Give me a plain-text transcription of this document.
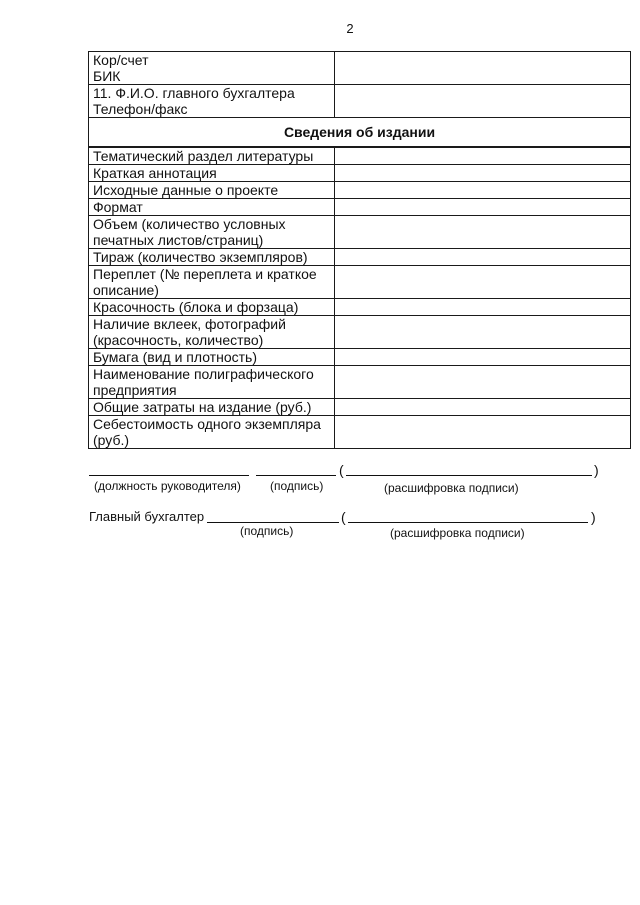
2
Кор/счет
БИК	

11. Ф.И.О. главного бухгалтера
Телефон/факс	

Сведения об издании	

Тематический раздел литературы	

Краткая аннотация	

Исходные данные о проекте	

Формат	

Объем (количество условных
печатных листов/страниц)	

Тираж (количество экземпляров)	

Переплет (№ переплета и краткое
описание)	

Красочность (блока и форзаца)	

Наличие вклеек, фотографий
(красочность, количество)	

Бумага (вид и плотность)	

Наименование полиграфического
предприятия	

Общие затраты на издание (руб.)	

Себестоимость одного экземпляра
(руб.)	

(	)
(должность руководителя) (подпись)	(расшифровка подписи)
Главный бухгалтер	(	)
(подпись)	(расшифровка подписи)
